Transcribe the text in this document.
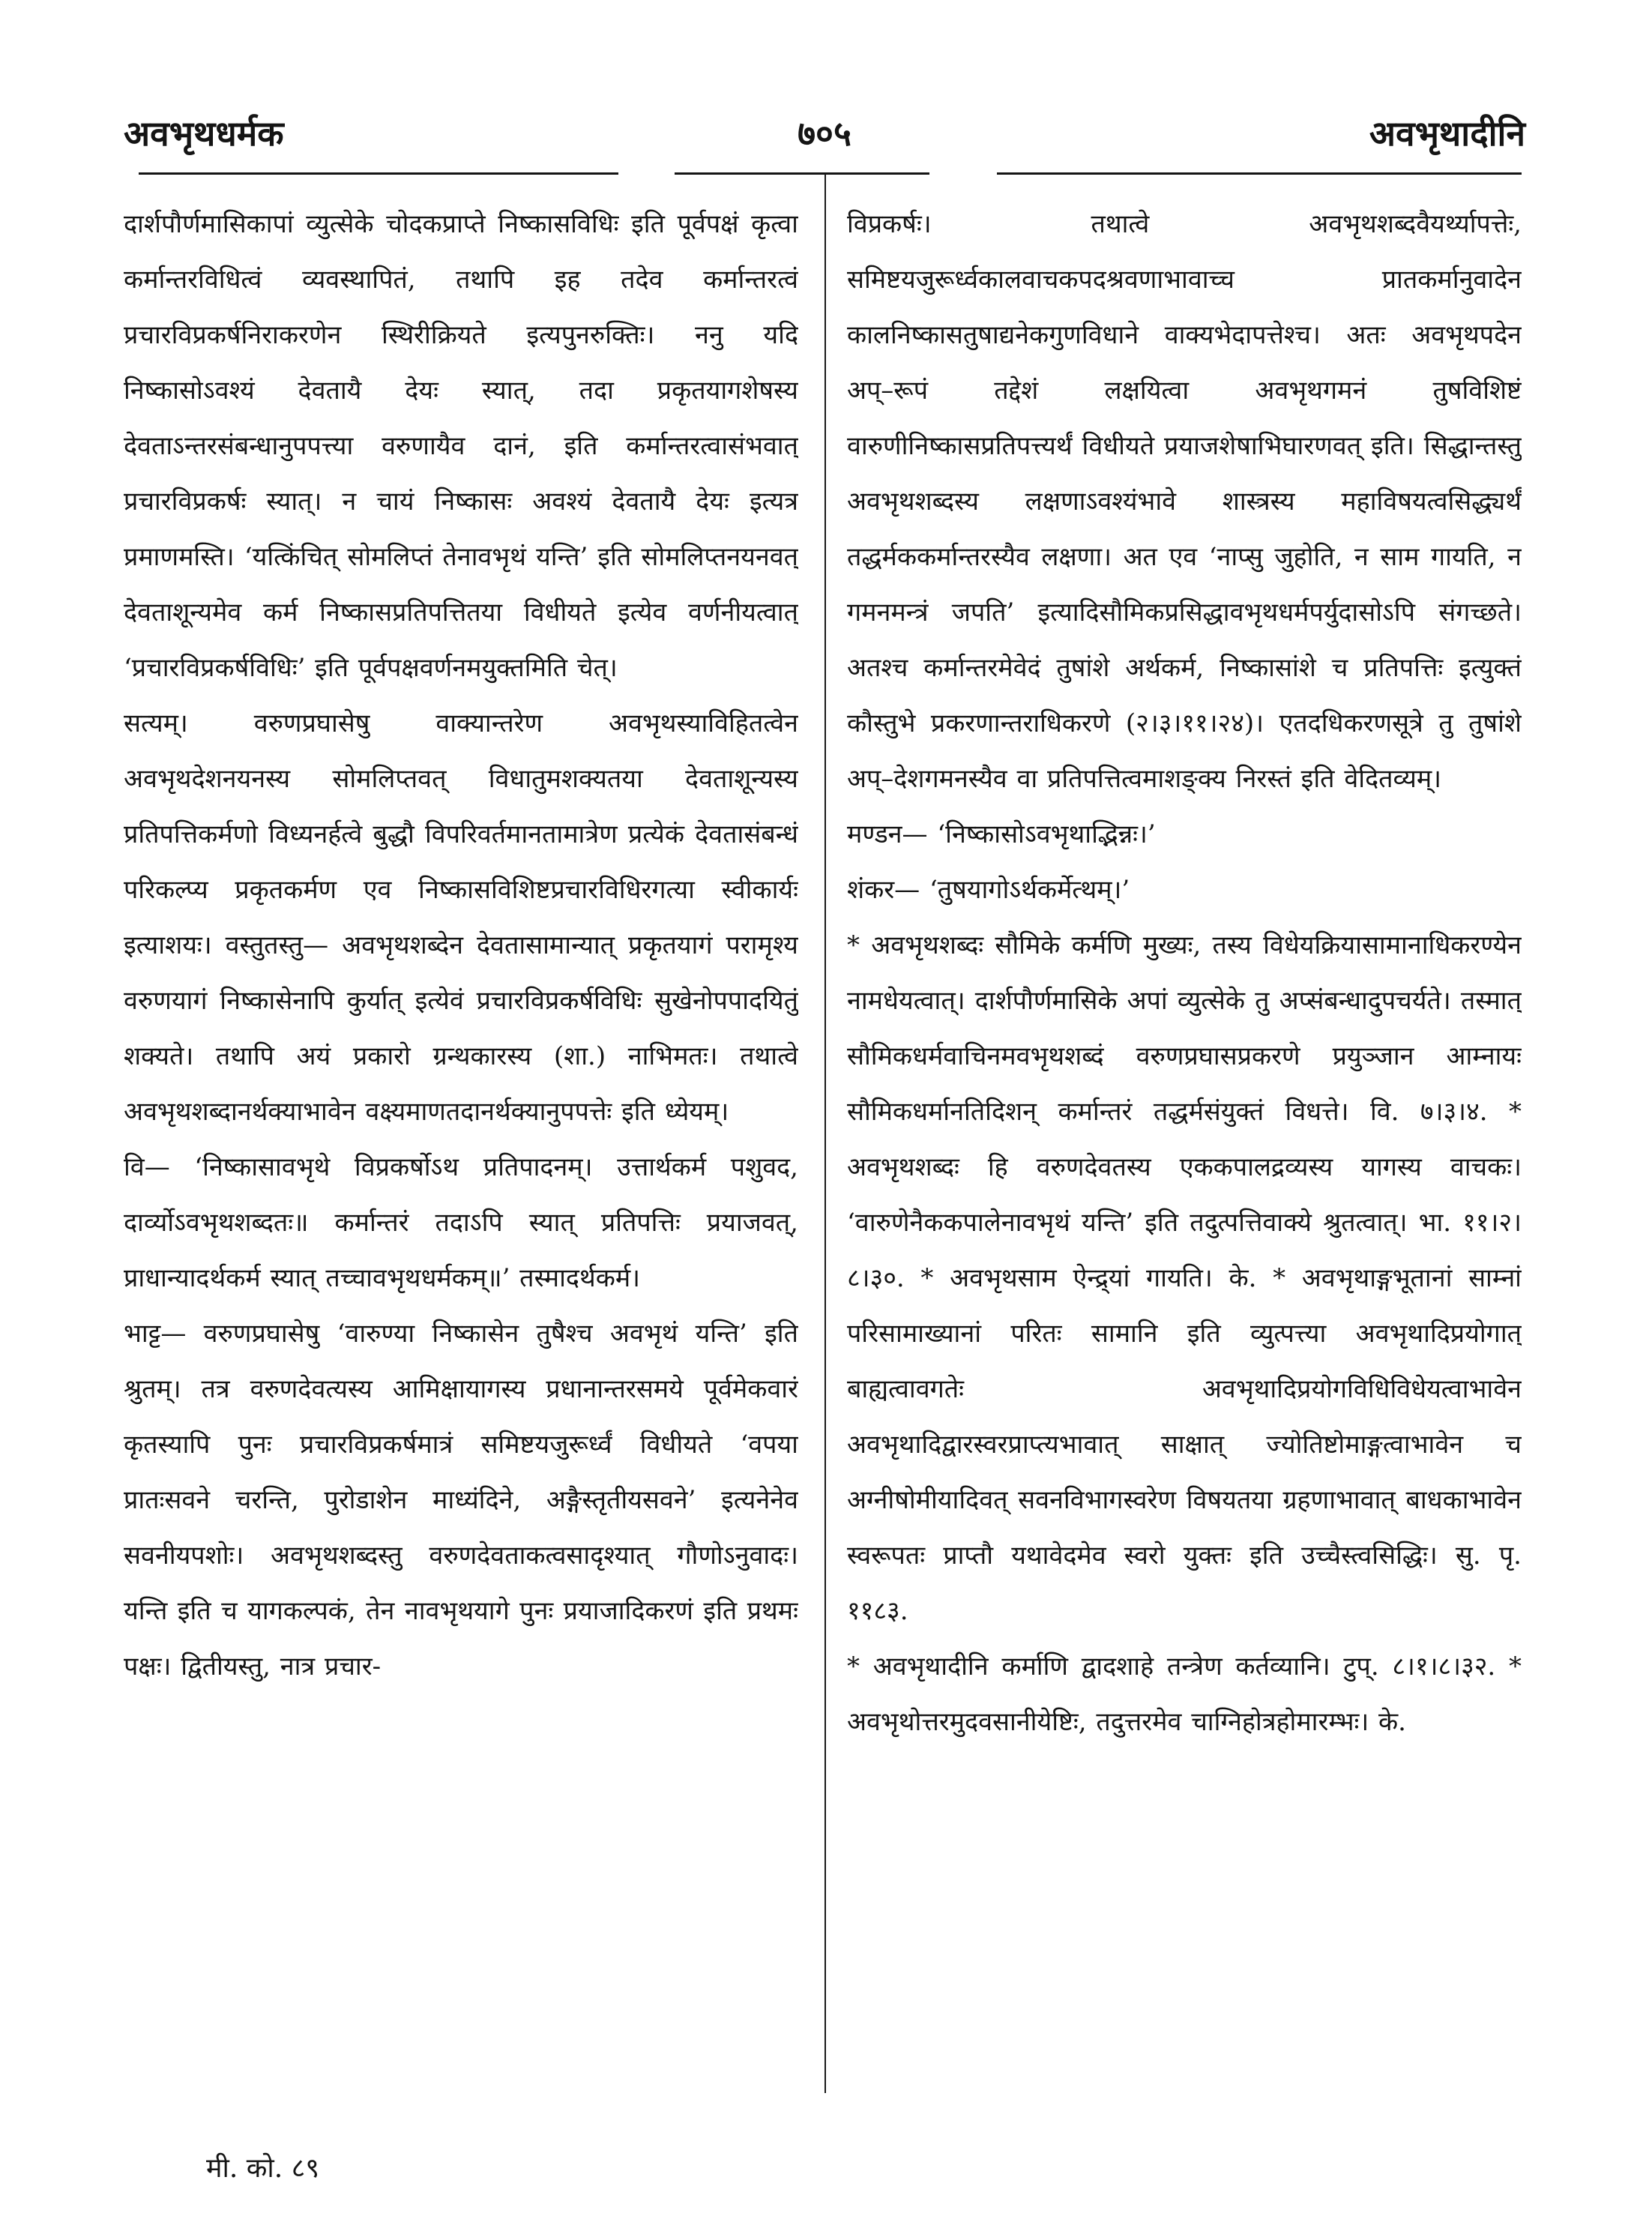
अवभृथधर्मक	७०५	अवभृथादीनि

दार्शपौर्णमासिकापां व्युत्सेके चोदकप्राप्ते निष्कासविधिः इति पूर्वपक्षं कृत्वा कर्मान्तरविधित्वं व्यवस्थापितं, तथापि इह तदेव कर्मान्तरत्वं प्रचारविप्रकर्षनिराकरणेन स्थिरीक्रियते इत्यपुनरुक्तिः। ननु यदि निष्कासोऽवश्यं देवतायै देयः स्यात्, तदा प्रकृतयागशेषस्य देवताऽन्तरसंबन्धानुपपत्त्या वरुणायैव दानं, इति कर्मान्तरत्वासंभवात् प्रचारविप्रकर्षः स्यात्। न चायं निष्कासः अवश्यं देवतायै देयः इत्यत्र प्रमाणमस्ति। ‘यत्किंचित् सोमलिप्तं तेनावभृथं यन्ति’ इति सोमलिप्तनयनवत् देवताशून्यमेव कर्म निष्कासप्रतिपत्तितया विधीयते इत्येव वर्णनीयत्वात् ‘प्रचारविप्रकर्षविधिः’ इति पूर्वपक्षवर्णनमयुक्तमिति चेत्।

सत्यम्। वरुणप्रघासेषु वाक्यान्तरेण अवभृथस्याविहितत्वेन अवभृथदेशनयनस्य सोमलिप्तवत् विधातुमशक्यतया देवताशून्यस्य प्रतिपत्तिकर्मणो विध्यनर्हत्वे बुद्धौ विपरिवर्तमानतामात्रेण प्रत्येकं देवतासंबन्धं परिकल्प्य प्रकृतकर्मण एव निष्कासविशिष्टप्रचारविधिरगत्या स्वीकार्यः इत्याशयः। वस्तुतस्तु— अवभृथशब्देन देवतासामान्यात् प्रकृतयागं परामृश्य वरुणयागं निष्कासेनापि कुर्यात् इत्येवं प्रचारविप्रकर्षविधिः सुखेनोपपादयितुं शक्यते। तथापि अयं प्रकारो ग्रन्थकारस्य (शा.) नाभिमतः। तथात्वे अवभृथशब्दानर्थक्याभावेन वक्ष्यमाणतदानर्थक्यानुपपत्तेः इति ध्येयम्।

वि— ‘निष्कासावभृथे विप्रकर्षोऽथ प्रतिपादनम्। उत्तार्थकर्म पशुवद, दार्व्योऽवभृथशब्दतः॥ कर्मान्तरं तदाऽपि स्यात् प्रतिपत्तिः प्रयाजवत्, प्राधान्यादर्थकर्म स्यात् तच्चावभृथधर्मकम्॥’ तस्मादर्थकर्म।

भाट्ट— वरुणप्रघासेषु ‘वारुण्या निष्कासेन तुषैश्च अवभृथं यन्ति’ इति श्रुतम्। तत्र वरुणदेवत्यस्य आमिक्षायागस्य प्रधानान्तरसमये पूर्वमेकवारं कृतस्यापि पुनः प्रचारविप्रकर्षमात्रं समिष्टयजुरूर्ध्वं विधीयते ‘वपया प्रातःसवने चरन्ति, पुरोडाशेन माध्यंदिने, अङ्गैस्तृतीयसवने’ इत्यनेनेव सवनीयपशोः। अवभृथशब्दस्तु वरुणदेवताकत्वसादृश्यात् गौणोऽनुवादः। यन्ति इति च यागकल्पकं, तेन नावभृथयागे पुनः प्रयाजादिकरणं इति प्रथमः पक्षः। द्वितीयस्तु, नात्र प्रचार-

विप्रकर्षः। तथात्वे अवभृथशब्दवैयर्थ्यापत्तेः, समिष्टयजुरूर्ध्वकालवाचकपदश्रवणाभावाच्च प्रातकर्मानुवादेन कालनिष्कासतुषाद्यनेकगुणविधाने वाक्यभेदापत्तेश्च। अतः अवभृथपदेन अप्–रूपं तद्देशं लक्षयित्वा अवभृथगमनं तुषविशिष्टं वारुणीनिष्कासप्रतिपत्त्यर्थं विधीयते प्रयाजशेषाभिघारणवत् इति। सिद्धान्तस्तु अवभृथशब्दस्य लक्षणाऽवश्यंभावे शास्त्रस्य महाविषयत्वसिद्ध्यर्थं तद्धर्मककर्मान्तरस्यैव लक्षणा। अत एव ‘नाप्सु जुहोति, न साम गायति, न गमनमन्त्रं जपति’ इत्यादिसौमिकप्रसिद्धावभृथधर्मपर्युदासोऽपि संगच्छते। अतश्च कर्मान्तरमेवेदं तुषांशे अर्थकर्म, निष्कासांशे च प्रतिपत्तिः इत्युक्तं कौस्तुभे प्रकरणान्तराधिकरणे (२।३।११।२४)। एतदधिकरणसूत्रे तु तुषांशे अप्–देशगमनस्यैव वा प्रतिपत्तित्वमाशङ्क्य निरस्तं इति वेदितव्यम्।

मण्डन— ‘निष्कासोऽवभृथाद्भिन्नः।’

शंकर— ‘तुषयागोऽर्थकर्मेत्थम्।’

* अवभृथशब्दः सौमिके कर्मणि मुख्यः, तस्य विधेयक्रियासामानाधिकरण्येन नामधेयत्वात्। दार्शपौर्णमासिके अपां व्युत्सेके तु अप्संबन्धादुपचर्यते। तस्मात् सौमिकधर्मवाचिनमवभृथशब्दं वरुणप्रघासप्रकरणे प्रयुञ्जान आम्नायः सौमिकधर्मानतिदिशन् कर्मान्तरं तद्धर्मसंयुक्तं विधत्ते। वि. ७।३।४. * अवभृथशब्दः हि वरुणदेवतस्य एककपालद्रव्यस्य यागस्य वाचकः। ‘वारुणेनैककपालेनावभृथं यन्ति’ इति तदुत्पत्तिवाक्ये श्रुतत्वात्। भा. ११।२।८।३०. * अवभृथसाम ऐन्द्र्यां गायति। के. * अवभृथाङ्गभूतानां साम्नां परिसामाख्यानां परितः सामानि इति व्युत्पत्त्या अवभृथादिप्रयोगात् बाह्यत्वावगतेः अवभृथादिप्रयोगविधिविधेयत्वाभावेन अवभृथादिद्वारस्वरप्राप्त्यभावात् साक्षात् ज्योतिष्टोमाङ्गत्वाभावेन च अग्नीषोमीयादिवत् सवनविभागस्वरेण विषयतया ग्रहणाभावात् बाधकाभावेन स्वरूपतः प्राप्तौ यथावेदमेव स्वरो युक्तः इति उच्चैस्त्वसिद्धिः। सु. पृ. ११८३.

* अवभृथादीनि कर्माणि द्वादशाहे तन्त्रेण कर्तव्यानि। टुप्. ८।१।८।३२. * अवभृथोत्तरमुदवसानीयेष्टिः, तदुत्तरमेव चाग्निहोत्रहोमारम्भः। के.

मी. को. ८९
